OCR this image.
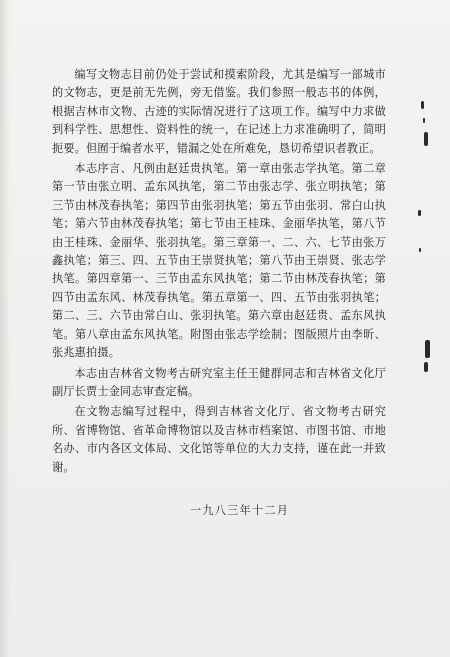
编写文物志目前仍处于尝试和摸索阶段，尤其是编写一部城市的文物志，更是前无先例，旁无借鉴。我们参照一般志书的体例，根据吉林市文物、古迹的实际情况进行了这项工作。编写中力求做到科学性、思想性、资料性的统一，在记述上力求准确明了，简明扼要。但囿于编者水平，错漏之处在所难免，恳切希望识者教正。

本志序言、凡例由赵廷贵执笔。第一章由张志学执笔。第二章第一节由张立明、孟东风执笔，第二节由张志学、张立明执笔；第三节由林茂春执笔；第四节由张羽执笔；第五节由张羽、常白山执笔；第六节由林茂春执笔；第七节由王桂珠、金丽华执笔，第八节由王桂珠、金丽华、张羽执笔。第三章第一、二、六、七节由张万鑫执笔；第三、四、五节由王崇贤执笔；第八节由王崇贤、张志学执笔。第四章第一、三节由孟东风执笔；第二节由林茂春执笔；第四节由孟东风、林茂春执笔。第五章第一、四、五节由张羽执笔；第二、三、六节由常白山、张羽执笔。第六章由赵廷贵、孟东风执笔。第八章由孟东风执笔。附图由张志学绘制；图版照片由李昕、张兆惠拍摄。

本志由吉林省文物考古研究室主任王健群同志和吉林省文化厅副厅长贾士金同志审查定稿。

在文物志编写过程中，得到吉林省文化厅、省文物考古研究所、省博物馆、省革命博物馆以及吉林市档案馆、市图书馆、市地名办、市内各区文体局、文化馆等单位的大力支持，谨在此一并致谢。

一九八三年十二月
